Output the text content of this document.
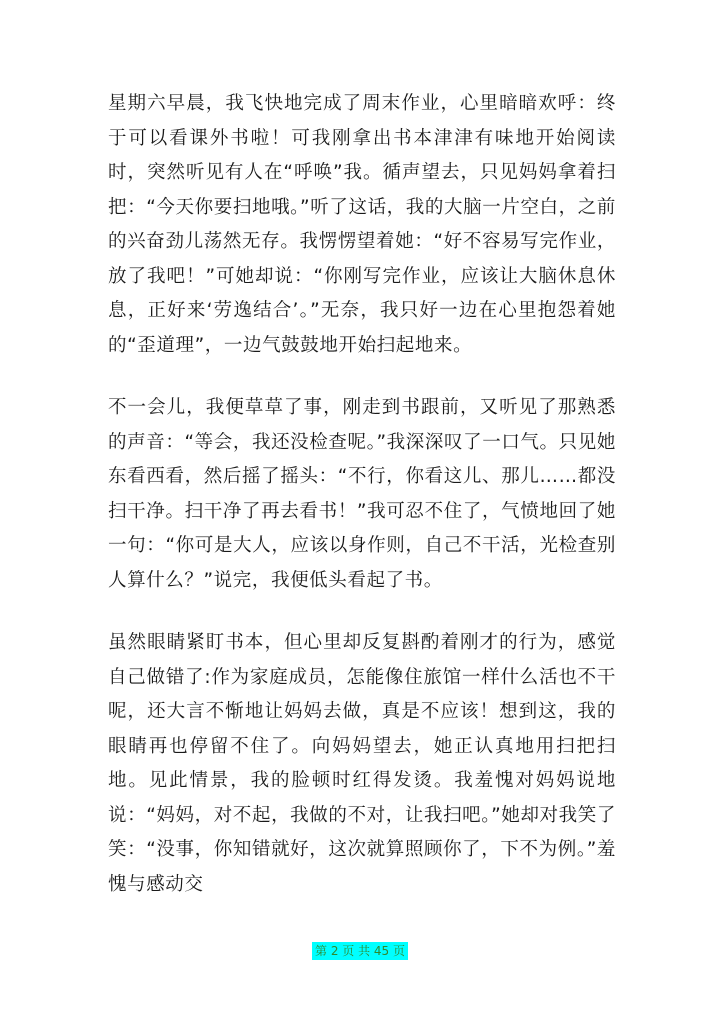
星期六早晨，我飞快地完成了周末作业，心里暗暗欢呼：终于可以看课外书啦！可我刚拿出书本津津有味地开始阅读时，突然听见有人在“呼唤”我。循声望去，只见妈妈拿着扫把：“今天你要扫地哦。”听了这话，我的大脑一片空白，之前的兴奋劲儿荡然无存。我愣愣望着她：“好不容易写完作业，放了我吧！”可她却说：“你刚写完作业，应该让大脑休息休息，正好来‘劳逸结合’。”无奈，我只好一边在心里抱怨着她的“歪道理”，一边气鼓鼓地开始扫起地来。

不一会儿，我便草草了事，刚走到书跟前，又听见了那熟悉的声音：“等会，我还没检查呢。”我深深叹了一口气。只见她东看西看，然后摇了摇头：“不行，你看这儿、那儿……都没扫干净。扫干净了再去看书！”我可忍不住了，气愤地回了她一句：“你可是大人，应该以身作则，自己不干活，光检查别人算什么？”说完，我便低头看起了书。

虽然眼睛紧盯书本，但心里却反复斟酌着刚才的行为，感觉自己做错了:作为家庭成员，怎能像住旅馆一样什么活也不干呢，还大言不惭地让妈妈去做，真是不应该！想到这，我的眼睛再也停留不住了。向妈妈望去，她正认真地用扫把扫地。见此情景，我的脸顿时红得发烫。我羞愧对妈妈说地说：“妈妈，对不起，我做的不对，让我扫吧。”她却对我笑了笑：“没事，你知错就好，这次就算照顾你了，下不为例。”羞愧与感动交

第 2 页 共 45 页
